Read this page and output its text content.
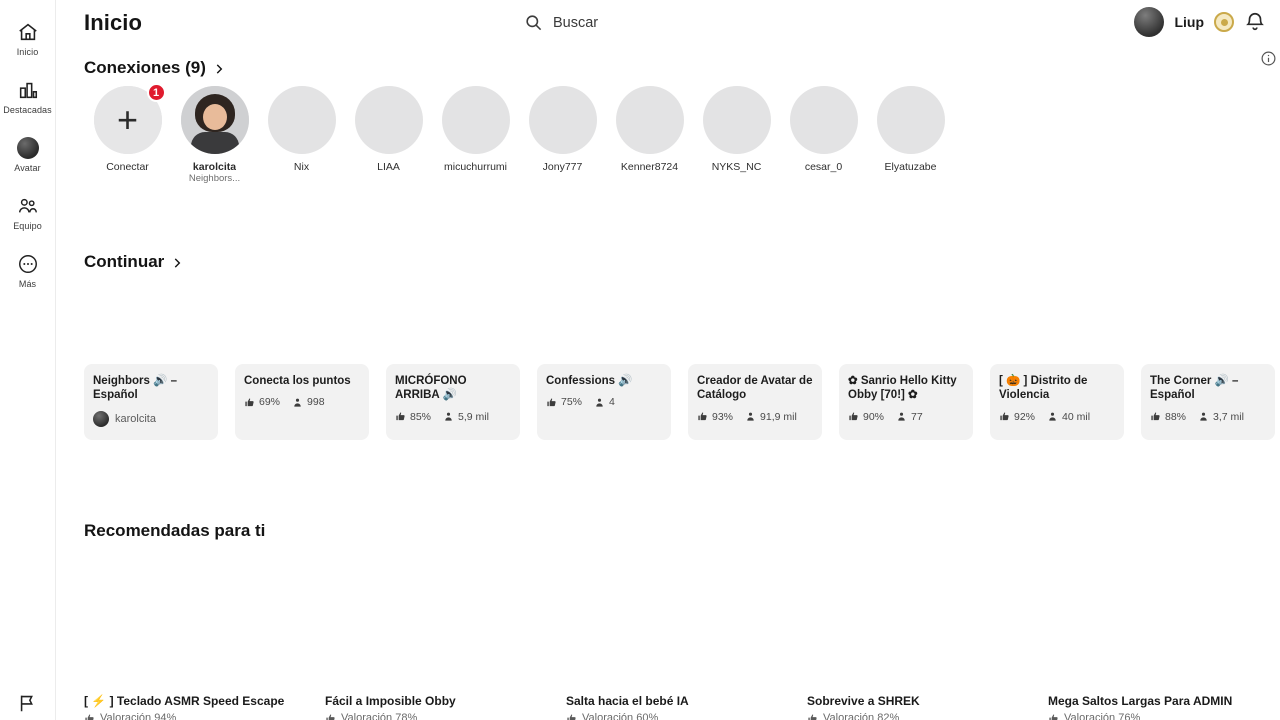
Inicio
Destacadas
Avatar
Equipo
Más
Inicio	Buscar	Liup
Conexiones (9)
+
1
Conectar	karolcita
Neighbors...
Nix	LIAA	micuchurrumi	Jony777	Kenner8724	NYKS_NC	cesar_0	Elyatuzabe
Continuar
Neighbors 🔊 – Español
karolcita
Conecta los puntos
69%	998
MICRÓFONO ARRIBA 🔊
85%	5,9 mil
Confessions 🔊
75%	4
Creador de Avatar de Catálogo
93%	91,9 mil
✿ Sanrio Hello Kitty Obby [70!] ✿
90%	77
[ 🎃 ] Distrito de Violencia
92%	40 mil
The Corner 🔊 – Español
88%	3,7 mil
Recomendadas para ti
[ ⚡ ] Teclado ASMR Speed Escape
Valoración 94%
Fácil a Imposible Obby
Valoración 78%
Salta hacia el bebé IA
Valoración 60%
Sobrevive a SHREK
Valoración 82%
Mega Saltos Largas Para ADMIN
Valoración 76%
